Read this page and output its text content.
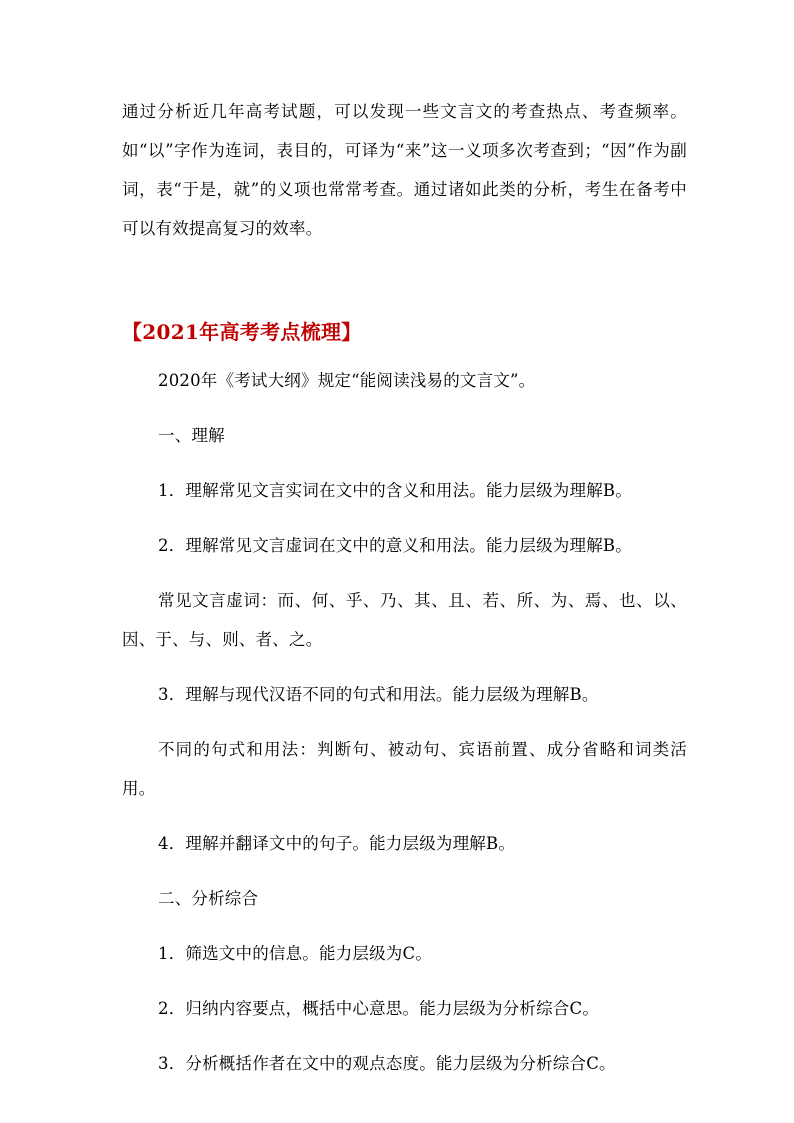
通过分析近几年高考试题，可以发现一些文言文的考查热点、考查频率。如“以”字作为连词，表目的，可译为“来”这一义项多次考查到；“因”作为副词，表“于是，就”的义项也常常考查。通过诸如此类的分析，考生在备考中可以有效提高复习的效率。

【2021年高考考点梳理】

2020年《考试大纲》规定“能阅读浅易的文言文”。

一、理解

1．理解常见文言实词在文中的含义和用法。能力层级为理解B。

2．理解常见文言虚词在文中的意义和用法。能力层级为理解B。

常见文言虚词：而、何、乎、乃、其、且、若、所、为、焉、也、以、因、于、与、则、者、之。

3．理解与现代汉语不同的句式和用法。能力层级为理解B。

不同的句式和用法：判断句、被动句、宾语前置、成分省略和词类活用。

4．理解并翻译文中的句子。能力层级为理解B。

二、分析综合

1．筛选文中的信息。能力层级为C。

2．归纳内容要点，概括中心意思。能力层级为分析综合C。

3．分析概括作者在文中的观点态度。能力层级为分析综合C。
